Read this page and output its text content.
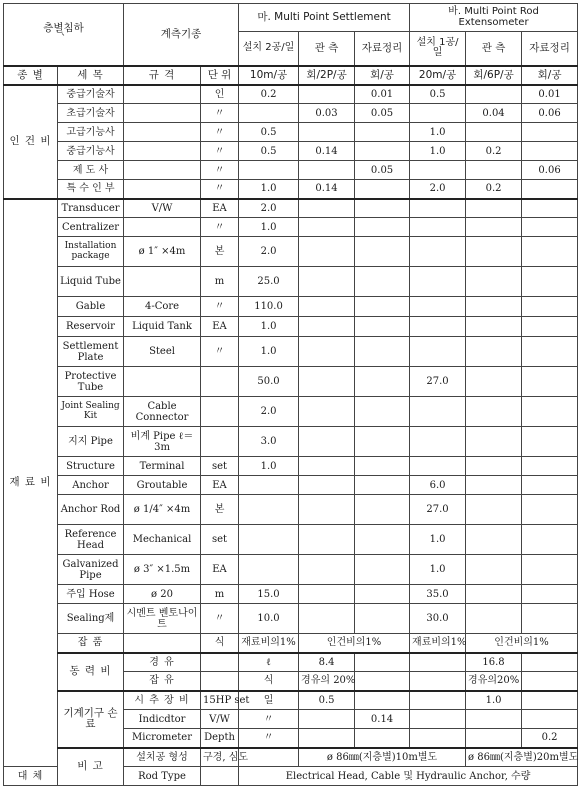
층별침하
`		계측기종		마. Multi Point Settlement			바. Multi Point Rod Extensometer			
				설치 2공/일	관 측	자료정리	설치 1공/일	관 측	자료정리	
종 별	세 목	규 격	단 위	10m/공	회/2P/공	회/공	20m/공	회/6P/공	회/공	
인 건 비	중급기술자		인	0.2		0.01	0.5		0.01	
	초급기술자		〃		0.03	0.05		0.04	0.06	
	고급기능사		〃	0.5			1.0			
	중급기능사		〃	0.5	0.14		1.0	0.2		
	제 도 사		〃			0.05			0.06	
	특 수 인 부		〃	1.0	0.14		2.0	0.2		
재 료 비	Transducer	V/W	EA	2.0						
	Centralizer		〃	1.0						
	Installation package	ø 1″ ×4m	본	2.0						
	Liquid Tube		m	25.0						
	Gable	4-Core	〃	110.0						
	Reservoir	Liquid Tank	EA	1.0						
	Settlement Plate	Steel	〃	1.0						
	Protective Tube			50.0			27.0			
	Joint Sealing Kit	Cable Connector		2.0						
	지지 Pipe	비계 Pipe ℓ＝3m		3.0						
	Structure	Terminal	set	1.0						
	Anchor	Groutable	EA				6.0			
	Anchor Rod	ø 1/4″ ×4m	본				27.0			
	Reference Head	Mechanical	set				1.0			
	Galvanized Pipe	ø 3″ ×1.5m	EA				1.0			
	주입 Hose	ø 20	m	15.0			35.0			
	Sealing제	시멘트 벤토나이트	〃	10.0			30.0			
	잡 품		식	재료비의1%	인건비의1%		재료비의1%	인건비의1%		
	동 력 비	경 유		ℓ	8.4			16.8		
		잡 유		식	경유의 20%			경유의20%		
	기계기구 손료	시 추 장 비	15HP set	일	0.5			1.0		
		Indicdtor	V/W	〃		0.14				
		Micrometer	Depth	〃					0.2	
	비 고	설치공 형성	구경, 심도		ø 86㎜(지층별)10m별도			ø 86㎜(지층별)20m별도		
대 체		Rod Type		Electrical Head, Cable 및 Hydraulic Anchor, 수량						
